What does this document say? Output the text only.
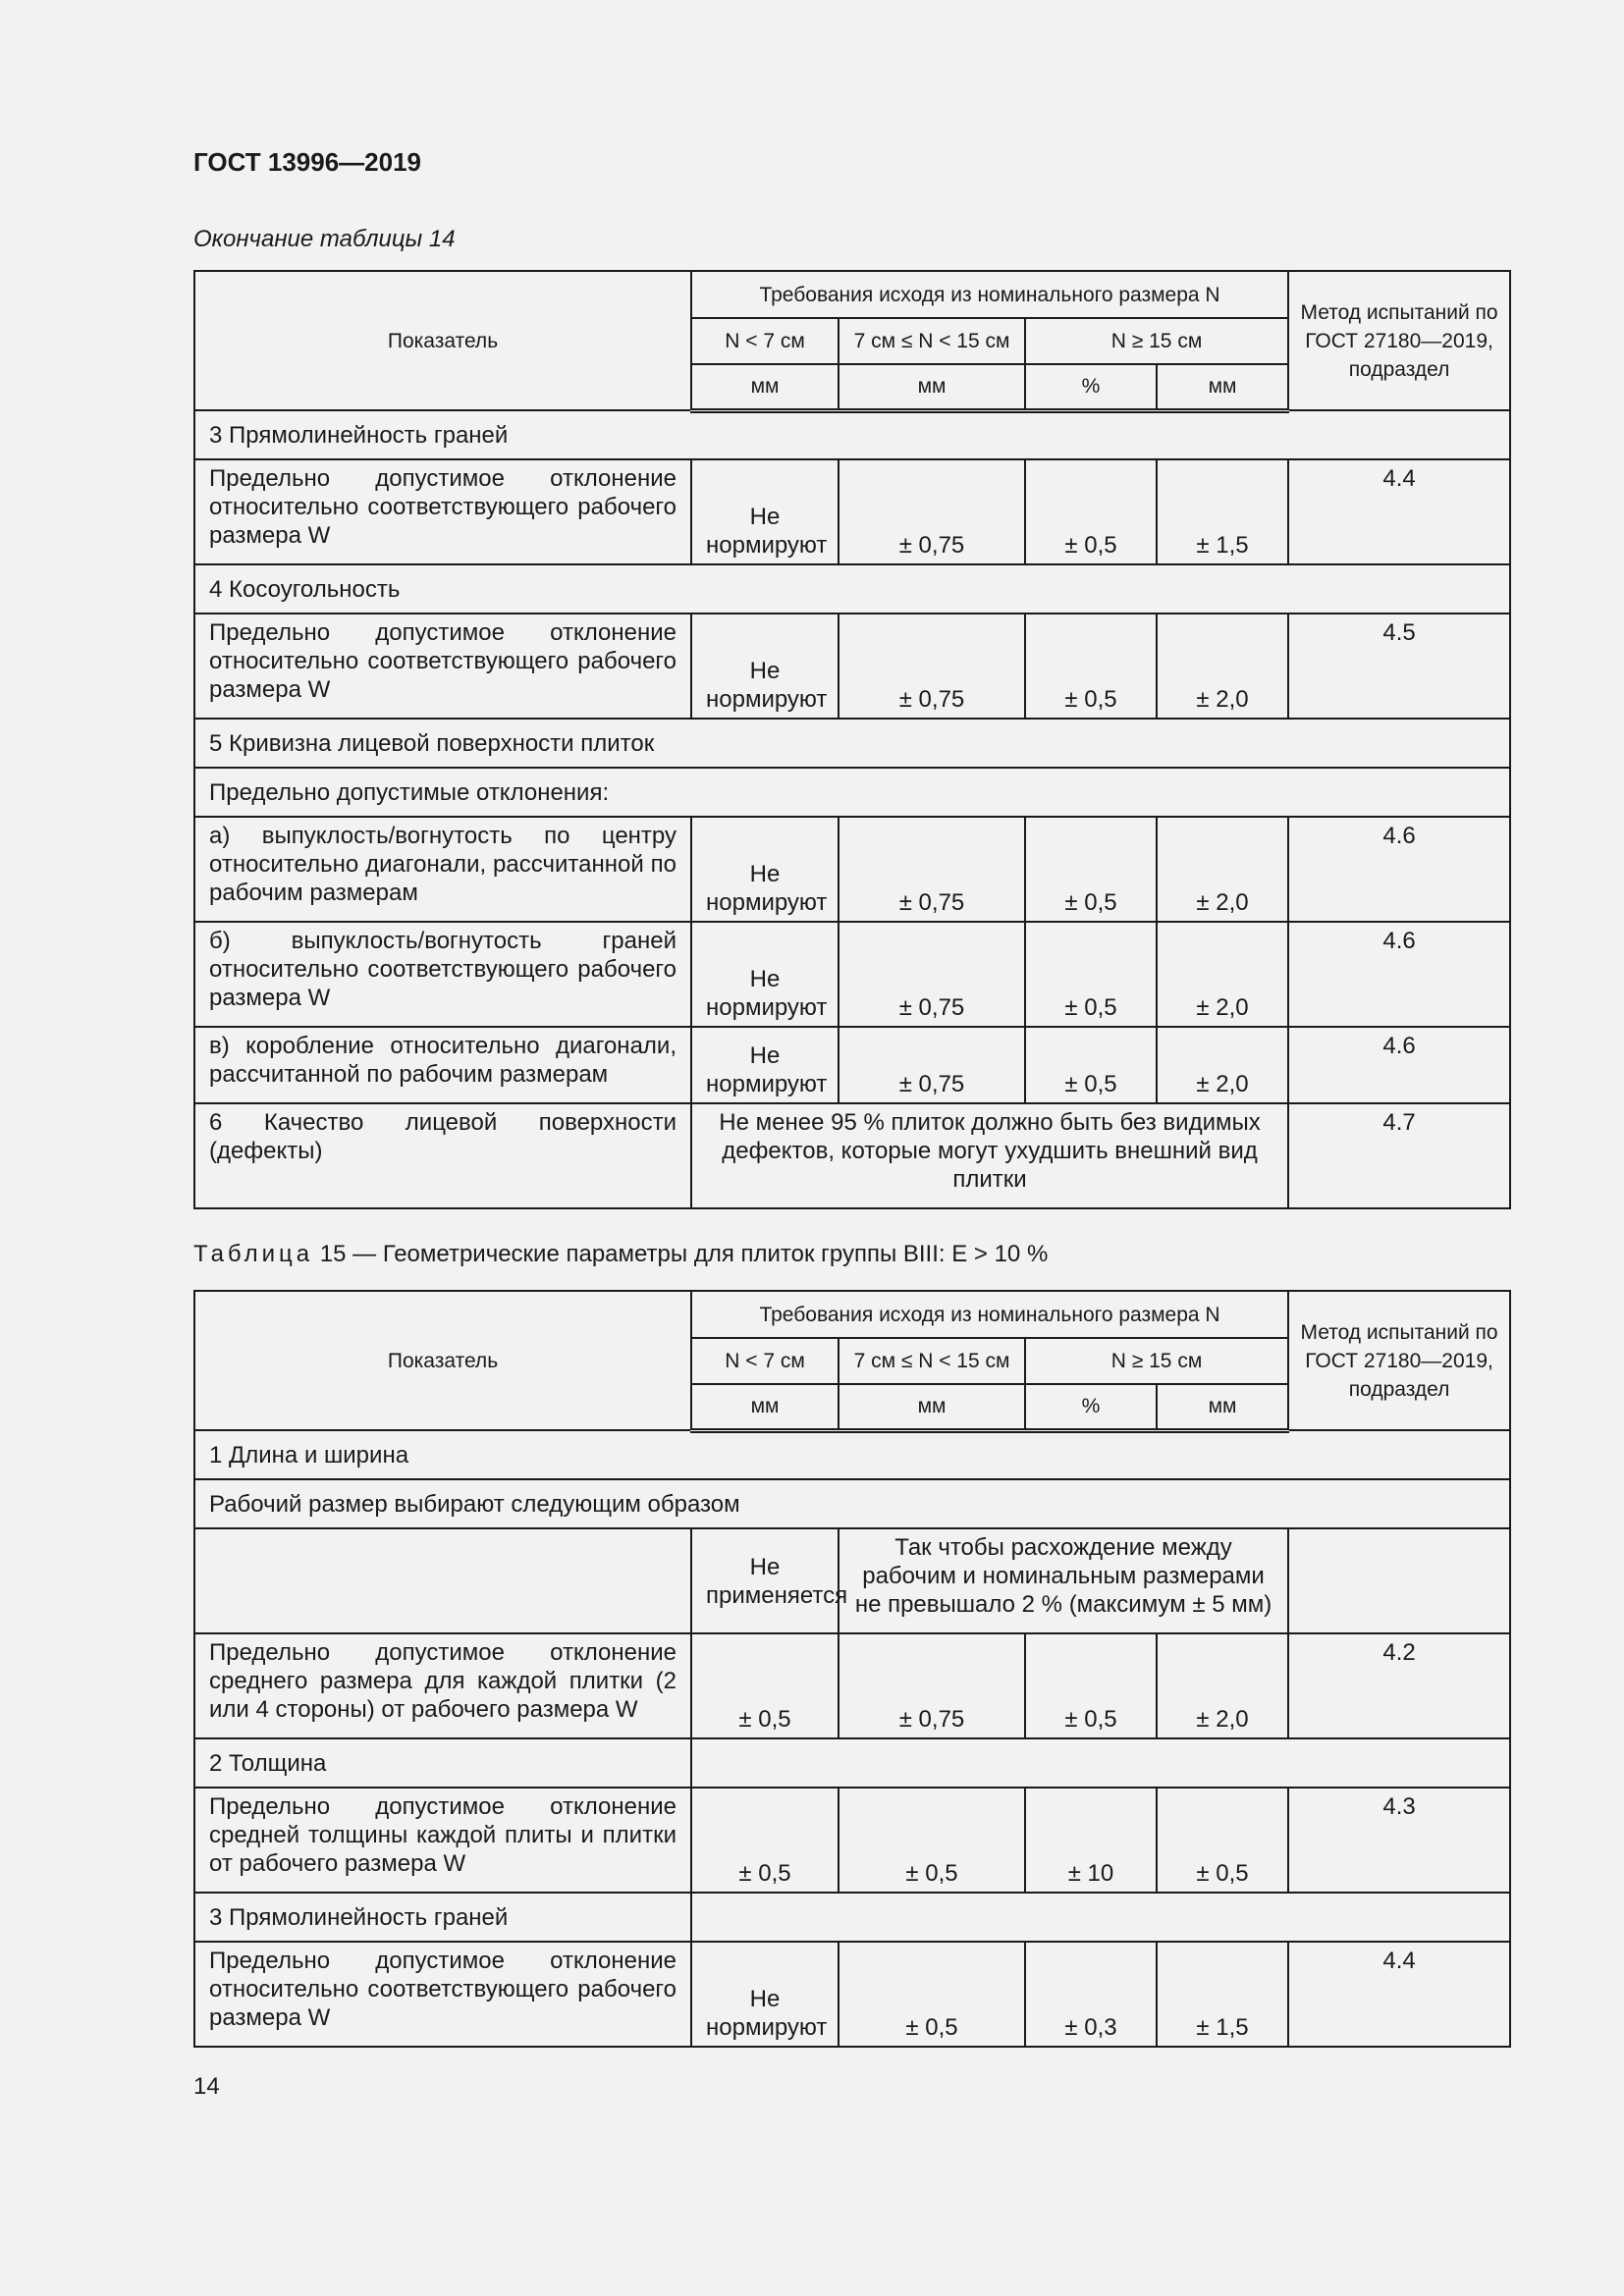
ГОСТ 13996—2019
Окончание таблицы 14
Показатель	Требования исходя из номинального размера N				Метод испытаний по ГОСТ 27180—2019, подраздел
	N < 7 см	7 см ≤ N < 15 см	N ≥ 15 см		
	мм	мм	%	мм	
3 Прямолинейность граней					
Предельно допустимое отклонение относительно соответствующего рабочего размера W	Не нормируют	± 0,75	± 0,5	± 1,5	4.4
4 Косоугольность					
Предельно допустимое отклонение относительно соответствующего рабочего размера W	Не нормируют	± 0,75	± 0,5	± 2,0	4.5
5 Кривизна лицевой поверхности плиток					
Предельно допустимые отклонения:					
а) выпуклость/вогнутость по центру относительно диагонали, рассчитанной по рабочим размерам	Не нормируют	± 0,75	± 0,5	± 2,0	4.6
б) выпуклость/вогнутость граней относительно соответствующего рабочего размера W	Не нормируют	± 0,75	± 0,5	± 2,0	4.6
в) коробление относительно диагонали, рассчитанной по рабочим размерам	Не нормируют	± 0,75	± 0,5	± 2,0	4.6
6 Качество лицевой поверхности (дефекты)	Не менее 95 % плиток должно быть без видимых дефектов, которые могут ухудшить внешний вид плитки				4.7
Таблица 15 — Геометрические параметры для плиток группы BIII: E > 10 %
Показатель	Требования исходя из номинального размера N				Метод испытаний по ГОСТ 27180—2019, подраздел
	N < 7 см	7 см ≤ N < 15 см	N ≥ 15 см		
	мм	мм	%	мм	
1 Длина и ширина					
Рабочий размер выбирают следующим образом					
	Не применяется	Так чтобы расхождение между рабочим и номинальным размерами не превышало 2 % (максимум ± 5 мм)			
Предельно допустимое отклонение среднего размера для каждой плитки (2 или 4 стороны) от рабочего размера W	± 0,5	± 0,75	± 0,5	± 2,0	4.2
2 Толщина					
Предельно допустимое отклонение средней толщины каждой плиты и плитки от рабочего размера W	± 0,5	± 0,5	± 10	± 0,5	4.3
3 Прямолинейность граней					
Предельно допустимое отклонение относительно соответствующего рабочего размера W	Не нормируют	± 0,5	± 0,3	± 1,5	4.4
14
